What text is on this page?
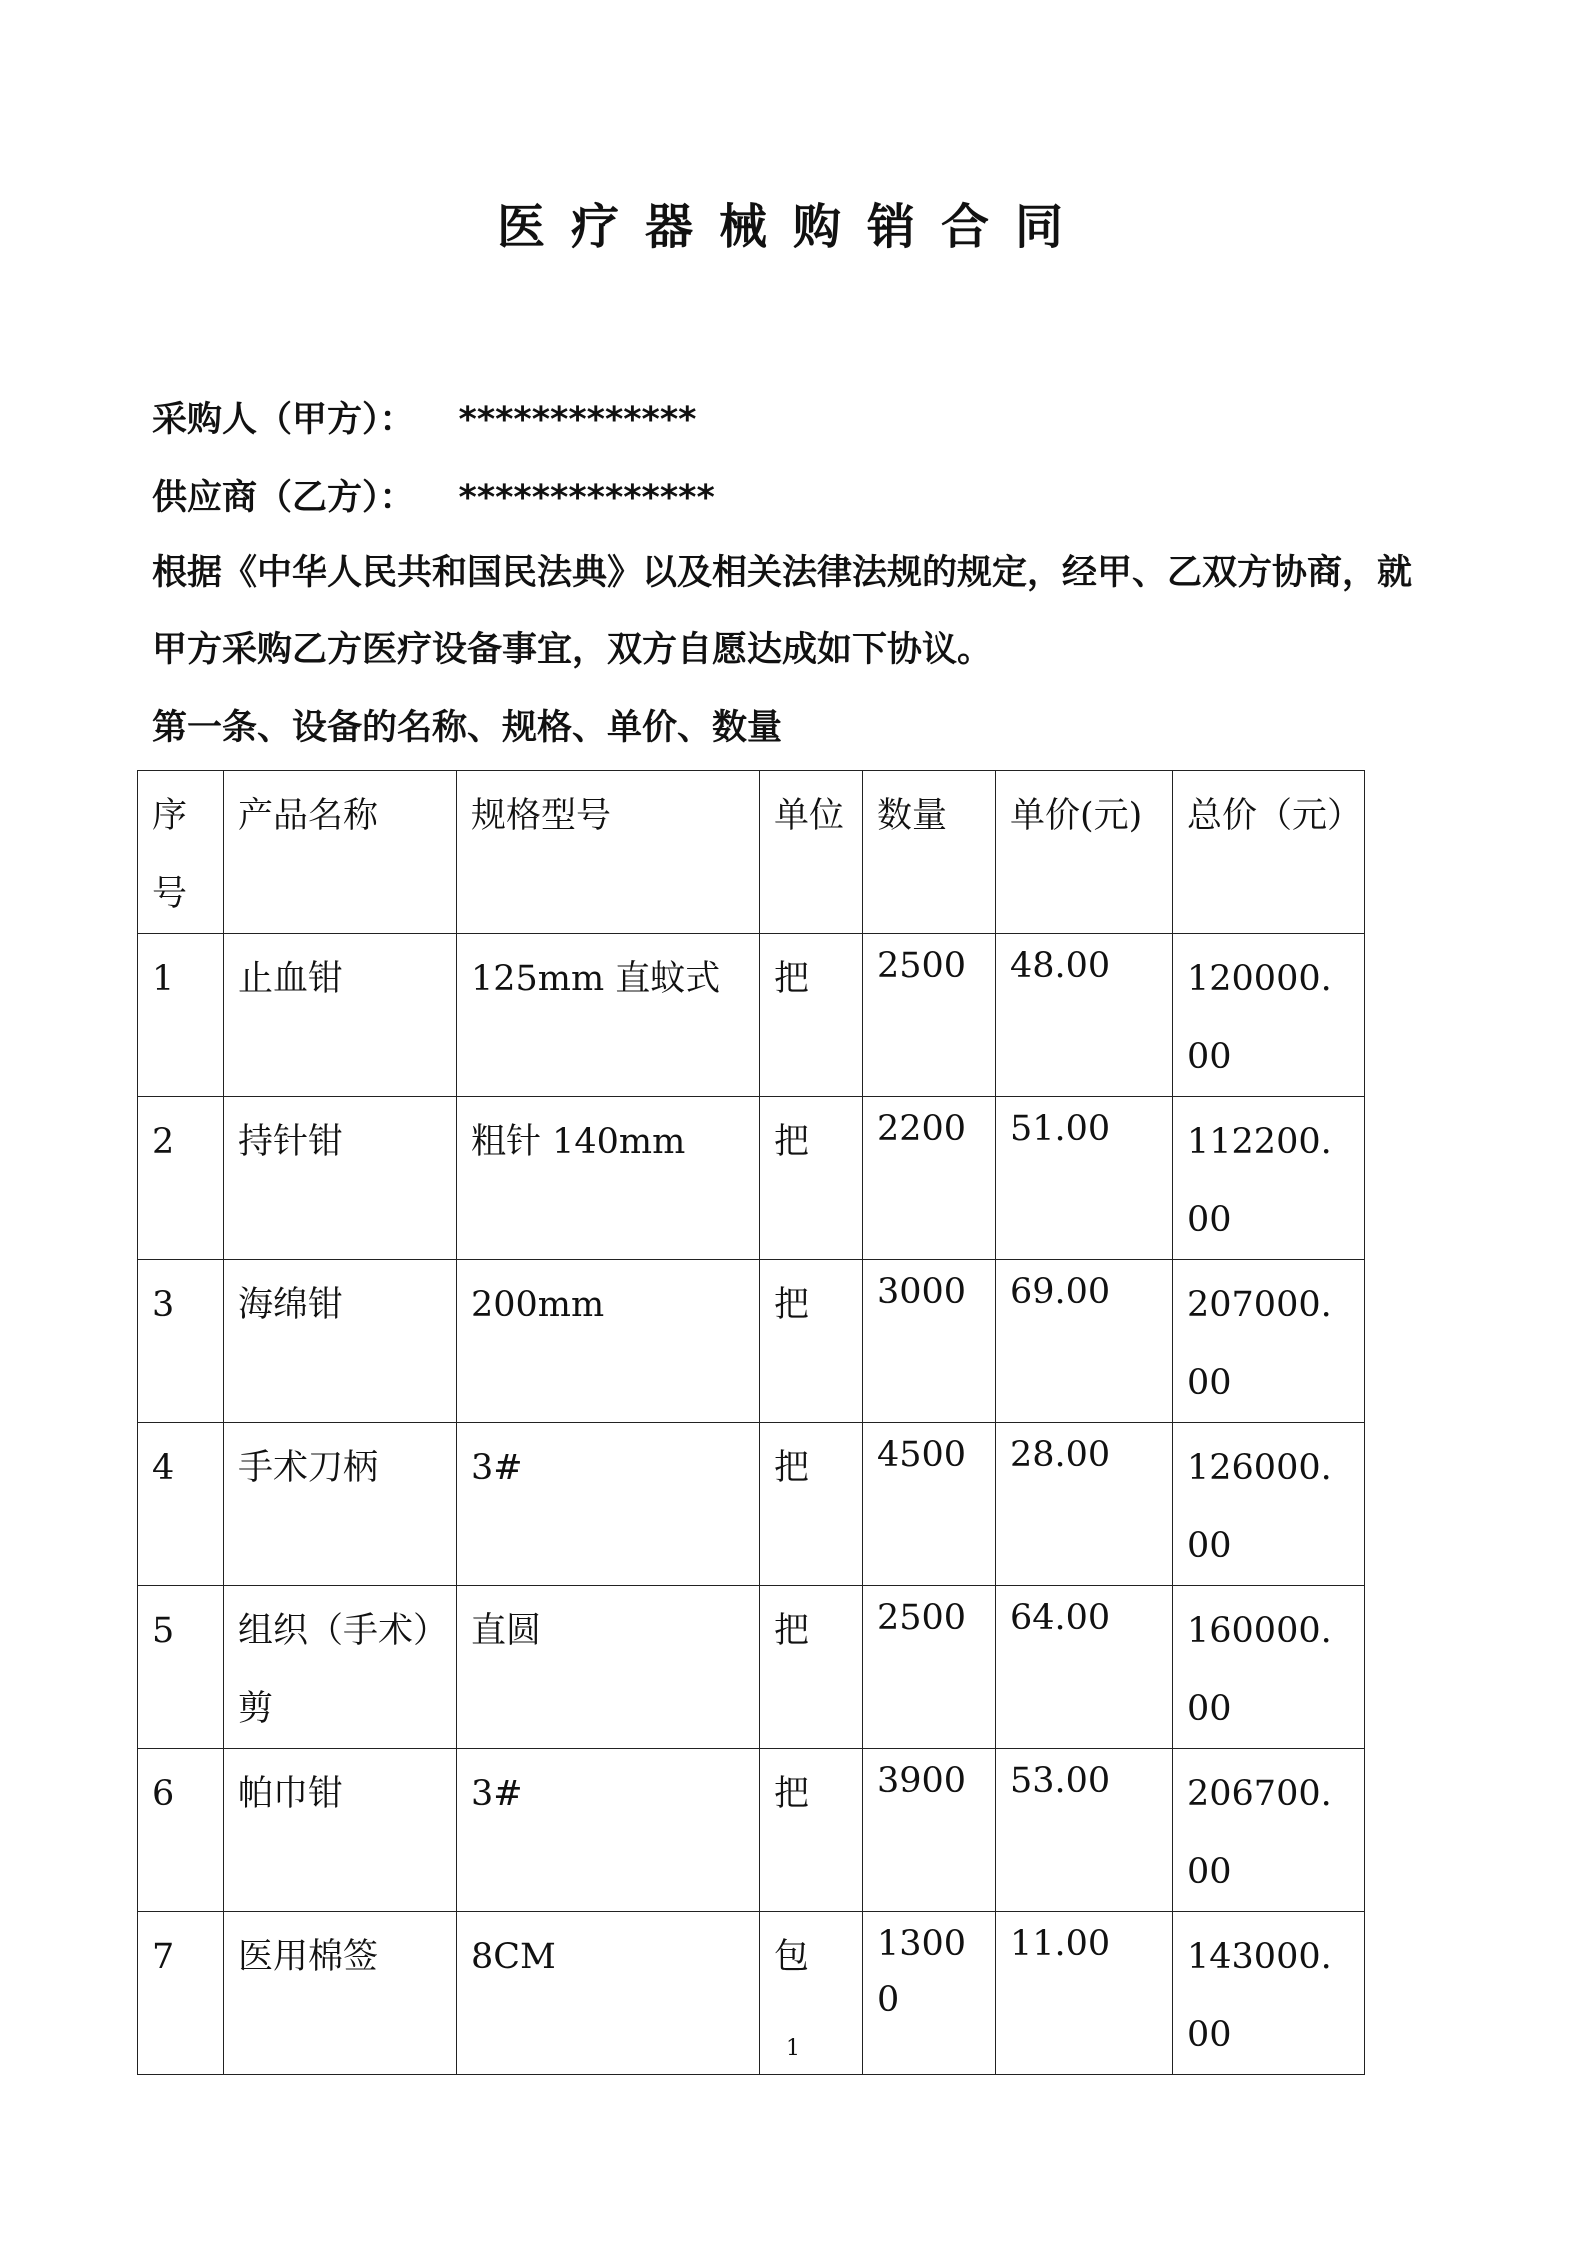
医疗器械购销合同

采购人（甲方）： *************

供应商（乙方）： **************

根据《中华人民共和国民法典》以及相关法律法规的规定，经甲、乙双方协商，就

甲方采购乙方医疗设备事宜，双方自愿达成如下协议。

第一条、设备的名称、规格、单价、数量

序号	产品名称	规格型号	单位	数量	单价(元)	总价（元）
1	止血钳	125mm 直蚊式	把	2500	48.00	120000.00
2	持针钳	粗针 140mm	把	2200	51.00	112200.00
3	海绵钳	200mm	把	3000	69.00	207000.00
4	手术刀柄	3#	把	4500	28.00	126000.00
5	组织（手术）剪	直圆	把	2500	64.00	160000.00
6	帕巾钳	3#	把	3900	53.00	206700.00
7	医用棉签	8CM	包	13000	11.00	143000.00
1
